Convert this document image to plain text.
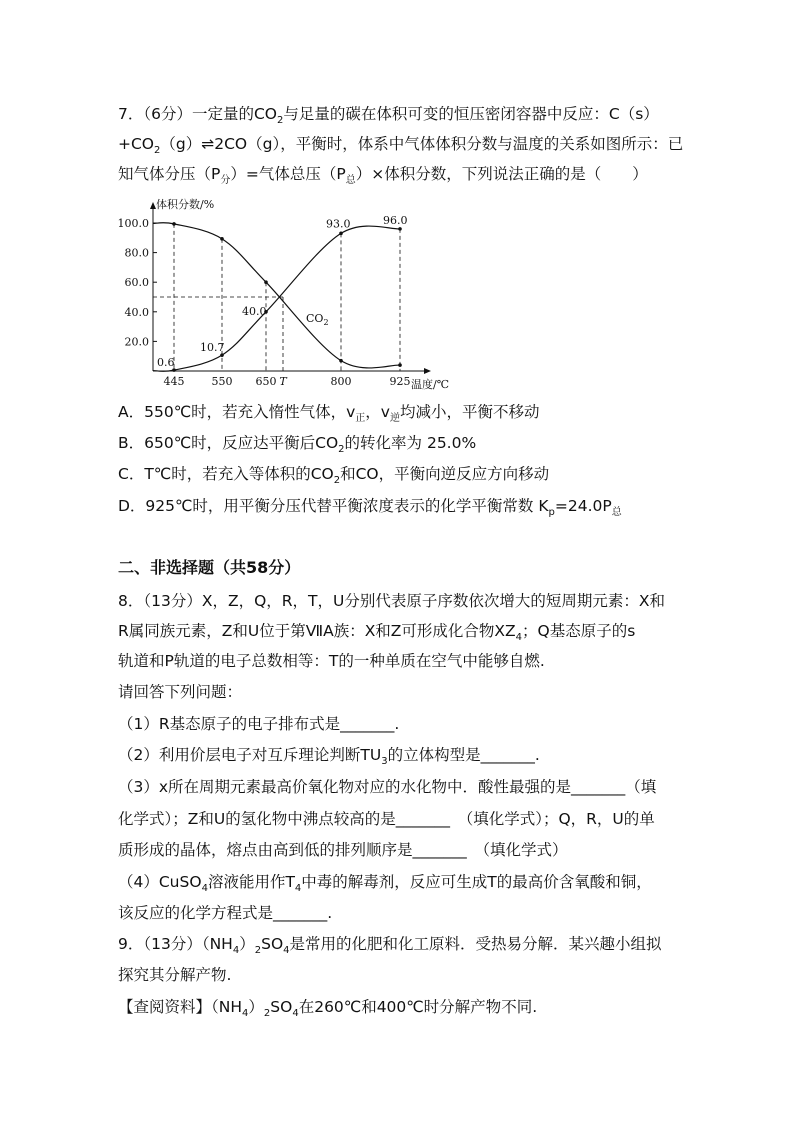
7．（6分）一定量的$CO_2$与足量的碳在体积可变的恒压密闭容器中反应：C（s）
$+CO_2(g)\rightleftharpoons 2CO(g)$，平衡时，体系中气体体积分数与温度的关系如图所示：已
知气体分压$(P_分)=$气体总压$(P_总)\times$体积分数，下列说法正确的是（　　）
20.0
40.0
60.0
80.0
100.0
体积分数/%
温度/℃
445 550 650 T	800	925
0.6
10.7
40.0
93.0	96.0
$CO_2$
A．550℃时，若充入惰性气体，$v_正$，$v_逆$均减小，平衡不移动
B．650℃时，反应达平衡后$CO_2$的转化率为 25.0%
C．T℃时，若充入等体积的$CO_2$和CO，平衡向逆反应方向移动
D．925℃时，用平衡分压代替平衡浓度表示的化学平衡常数 $K_p=24.0P_总$
二、非选择题（共58分）
8．（13分）X，Z，Q，R，T，U分别代表原子序数依次增大的短周期元素：X和
R属同族元素，Z和U位于第ⅦA族：X和Z可形成化合物$XZ_4$；Q基态原子的s
轨道和P轨道的电子总数相等：T的一种单质在空气中能够自燃.
请回答下列问题：
（1）R基态原子的电子排布式是_______.
（2）利用价层电子对互斥理论判断$TU_3$的立体构型是_______.
（3）x所在周期元素最高价氧化物对应的水化物中．酸性最强的是_______（填
化学式）；Z和U的氢化物中沸点较高的是_______　（填化学式）；Q，R，U的单
质形成的晶体，熔点由高到低的排列顺序是_______　（填化学式）
（4）CuSO$_4$溶液能用作$T_4$中毒的解毒剂，反应可生成T的最高价含氧酸和铜，
该反应的化学方程式是_______.
9．（13分）$(NH_4)_2SO_4$是常用的化肥和化工原料．受热易分解．某兴趣小组拟
探究其分解产物.
【查阅资料】$(NH_4)_2SO_4$在260℃和400℃时分解产物不同.
